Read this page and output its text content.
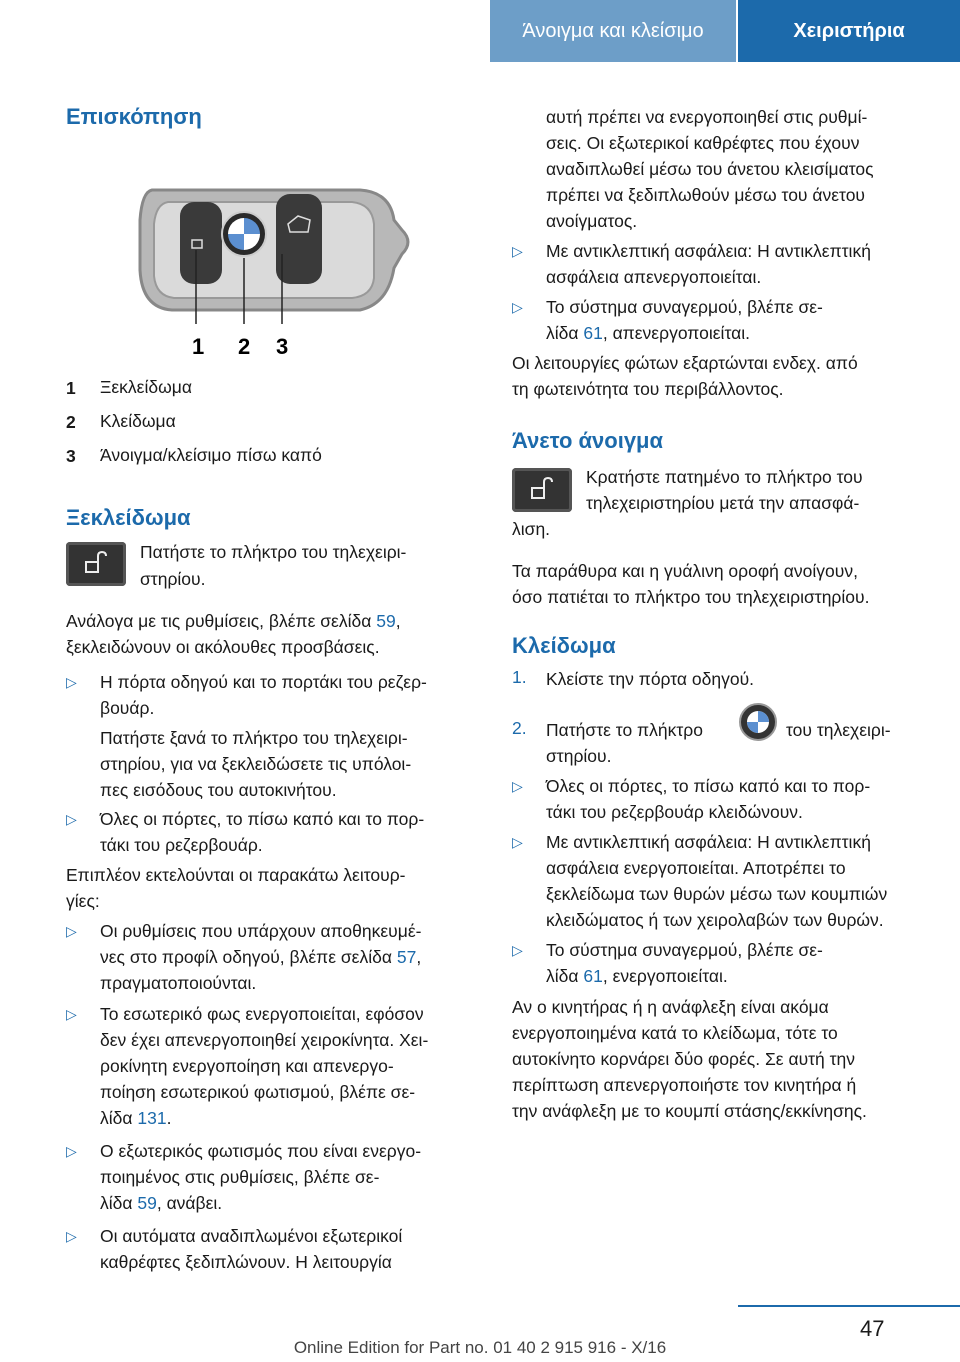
Άνοιγμα και κλείσιμο	Χειριστήρια
Επισκόπηση
1 2 3
1 Ξεκλείδωμα
2 Κλείδωμα
3 Άνοιγμα/κλείσιμο πίσω καπό
Ξεκλείδωμα
Πατήστε το πλήκτρο του τηλεχειρι-
στηρίου.
Ανάλογα με τις ρυθμίσεις, βλέπε σελίδα 59,
ξεκλειδώνουν οι ακόλουθες προσβάσεις.
▷ Η πόρτα οδηγού και το πορτάκι του ρεζερ-
βουάρ.
Πατήστε ξανά το πλήκτρο του τηλεχειρι-
στηρίου, για να ξεκλειδώσετε τις υπόλοι-
πες εισόδους του αυτοκινήτου.
▷ Όλες οι πόρτες, το πίσω καπό και το πορ-
τάκι του ρεζερβουάρ.
Επιπλέον εκτελούνται οι παρακάτω λειτουρ-
γίες:
▷ Οι ρυθμίσεις που υπάρχουν αποθηκευμέ-
νες στο προφίλ οδηγού, βλέπε σελίδα 57,
πραγματοποιούνται.
▷ Το εσωτερικό φως ενεργοποιείται, εφόσον
δεν έχει απενεργοποιηθεί χειροκίνητα. Χει-
ροκίνητη ενεργοποίηση και απενεργο-
ποίηση εσωτερικού φωτισμού, βλέπε σε-
λίδα 131.
▷ Ο εξωτερικός φωτισμός που είναι ενεργο-
ποιημένος στις ρυθμίσεις, βλέπε σε-
λίδα 59, ανάβει.
▷ Οι αυτόματα αναδιπλωμένοι εξωτερικοί
καθρέφτες ξεδιπλώνουν. Η λειτουργία
αυτή πρέπει να ενεργοποιηθεί στις ρυθμί-
σεις. Οι εξωτερικοί καθρέφτες που έχουν
αναδιπλωθεί μέσω του άνετου κλεισίματος
πρέπει να ξεδιπλωθούν μέσω του άνετου
ανοίγματος.
▷ Με αντικλεπτική ασφάλεια: Η αντικλεπτική
ασφάλεια απενεργοποιείται.
▷ Το σύστημα συναγερμού, βλέπε σε-
λίδα 61, απενεργοποιείται.
Οι λειτουργίες φώτων εξαρτώνται ενδεχ. από
τη φωτεινότητα του περιβάλλοντος.
Άνετο άνοιγμα
Κρατήστε πατημένο το πλήκτρο του
τηλεχειριστηρίου μετά την απασφά-
λιση.
Τα παράθυρα και η γυάλινη οροφή ανοίγουν,
όσο πατιέται το πλήκτρο του τηλεχειριστηρίου.
Κλείδωμα
1. Κλείστε την πόρτα οδηγού.
2. Πατήστε το πλήκτρο	του τηλεχειρι-
στηρίου.
▷ Όλες οι πόρτες, το πίσω καπό και το πορ-
τάκι του ρεζερβουάρ κλειδώνουν.
▷ Με αντικλεπτική ασφάλεια: Η αντικλεπτική
ασφάλεια ενεργοποιείται. Αποτρέπει το
ξεκλείδωμα των θυρών μέσω των κουμπιών
κλειδώματος ή των χειρολαβών των θυρών.
▷ Το σύστημα συναγερμού, βλέπε σε-
λίδα 61, ενεργοποιείται.
Αν ο κινητήρας ή η ανάφλεξη είναι ακόμα
ενεργοποιημένα κατά το κλείδωμα, τότε το
αυτοκίνητο κορνάρει δύο φορές. Σε αυτή την
περίπτωση απενεργοποιήστε τον κινητήρα ή
την ανάφλεξη με το κουμπί στάσης/εκκίνησης.
47
Online Edition for Part no. 01 40 2 915 916 - X/16
